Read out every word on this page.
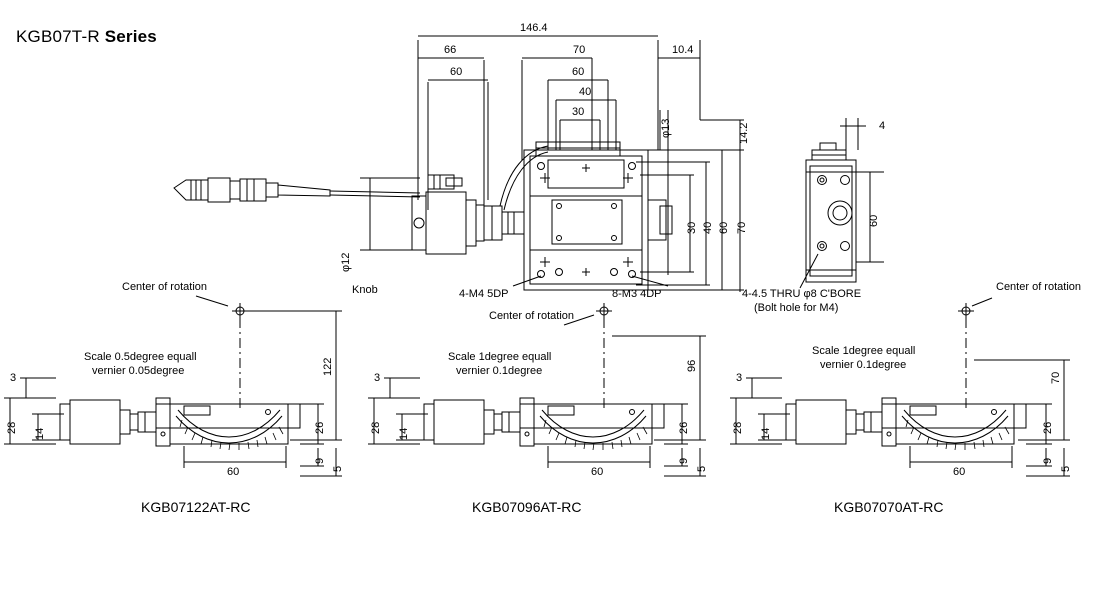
KGB07T-R Series	146.4
66	70	10.4
60	60
40
30
φ13	14.2
30 40 60 70
φ12
4
60
Knob	4-M4 5DP	8-M3 4DP	4-4.5 THRU φ8 C'BORE
(Bolt hole for M4)
Center of rotation
Scale 0.5degree equall
vernier 0.05degree	122
3
28 14	26
9
5
60
KGB07122AT-RC
Center of rotation
Scale 1degree equall
vernier 0.1degree	96
3
28 14	26
9
5
60
KGB07096AT-RC
Center of rotation
Scale 1degree equall
vernier 0.1degree
70
3
28 14	26
9
5
60
KGB07070AT-RC
